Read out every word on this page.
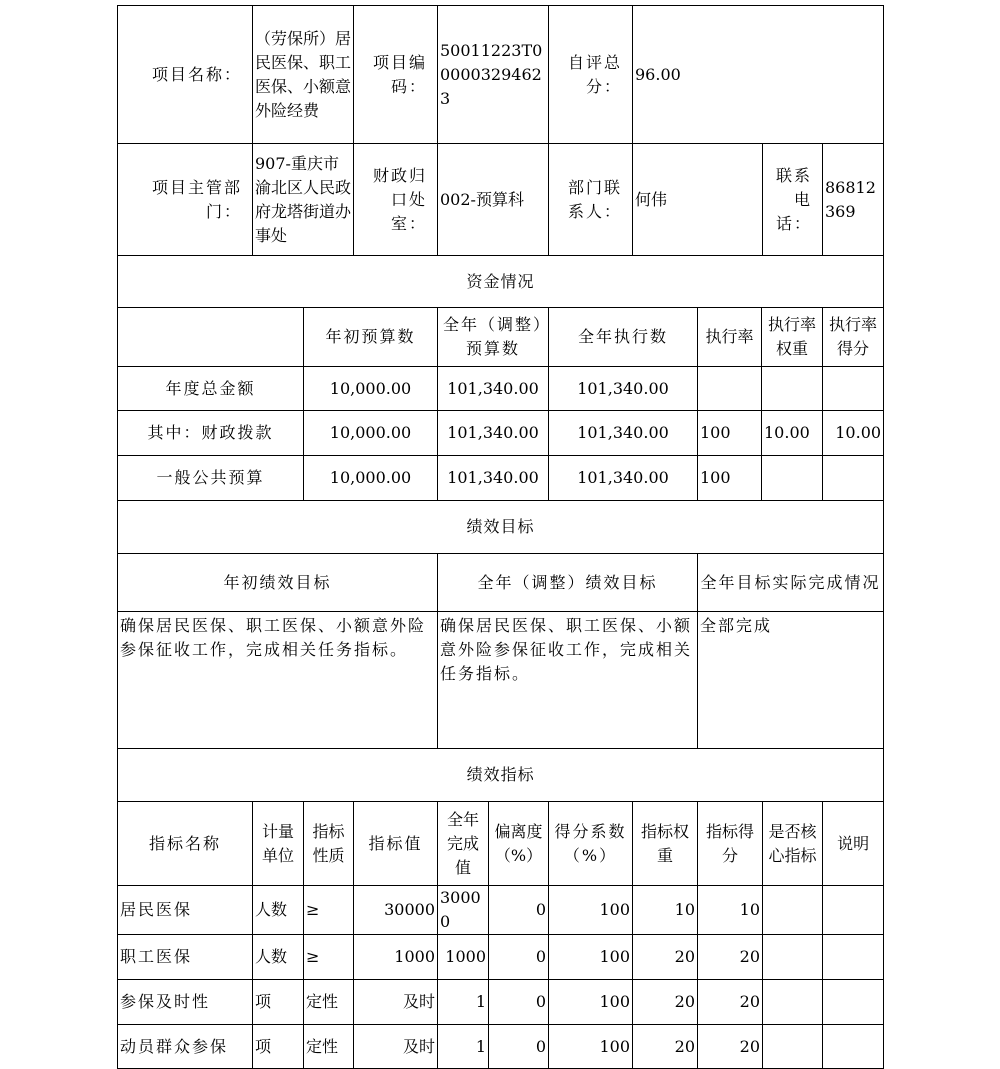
项目名称：	（劳保所）居民医保、职工医保、小额意外险经费	项目编码：	50011223T000003294623	自评总分：	96.00		
项目主管部门：	907-重庆市渝北区人民政府龙塔街道办事处	财政归口处室：	002-预算科	部门联系人：	何伟	联系电话：	86812369
资金情况						
	年初预算数	全年（调整）预算数	全年执行数	执行率	执行率权重	执行率得分
年度总金额	10,000.00	101,340.00	101,340.00			
其中：财政拨款	10,000.00	101,340.00	101,340.00	100	10.00	10.00
一般公共预算	10,000.00	101,340.00	101,340.00	100		
绩效目标		
年初绩效目标	全年（调整）绩效目标	全年目标实际完成情况
确保居民医保、职工医保、小额意外险参保征收工作，完成相关任务指标。	确保居民医保、职工医保、小额意外险参保征收工作，完成相关任务指标。	全部完成
绩效指标										
指标名称	计量单位	指标性质	指标值	全年完成值	偏离度（%）	得分系数（%）	指标权重	指标得分	是否核心指标	说明
居民医保	人数	≥	30000	30000	0	100	10	10		
职工医保	人数	≥	1000	1000	0	100	20	20		
参保及时性	项	定性	及时	1	0	100	20	20		
动员群众参保	项	定性	及时	1	0	100	20	20		
